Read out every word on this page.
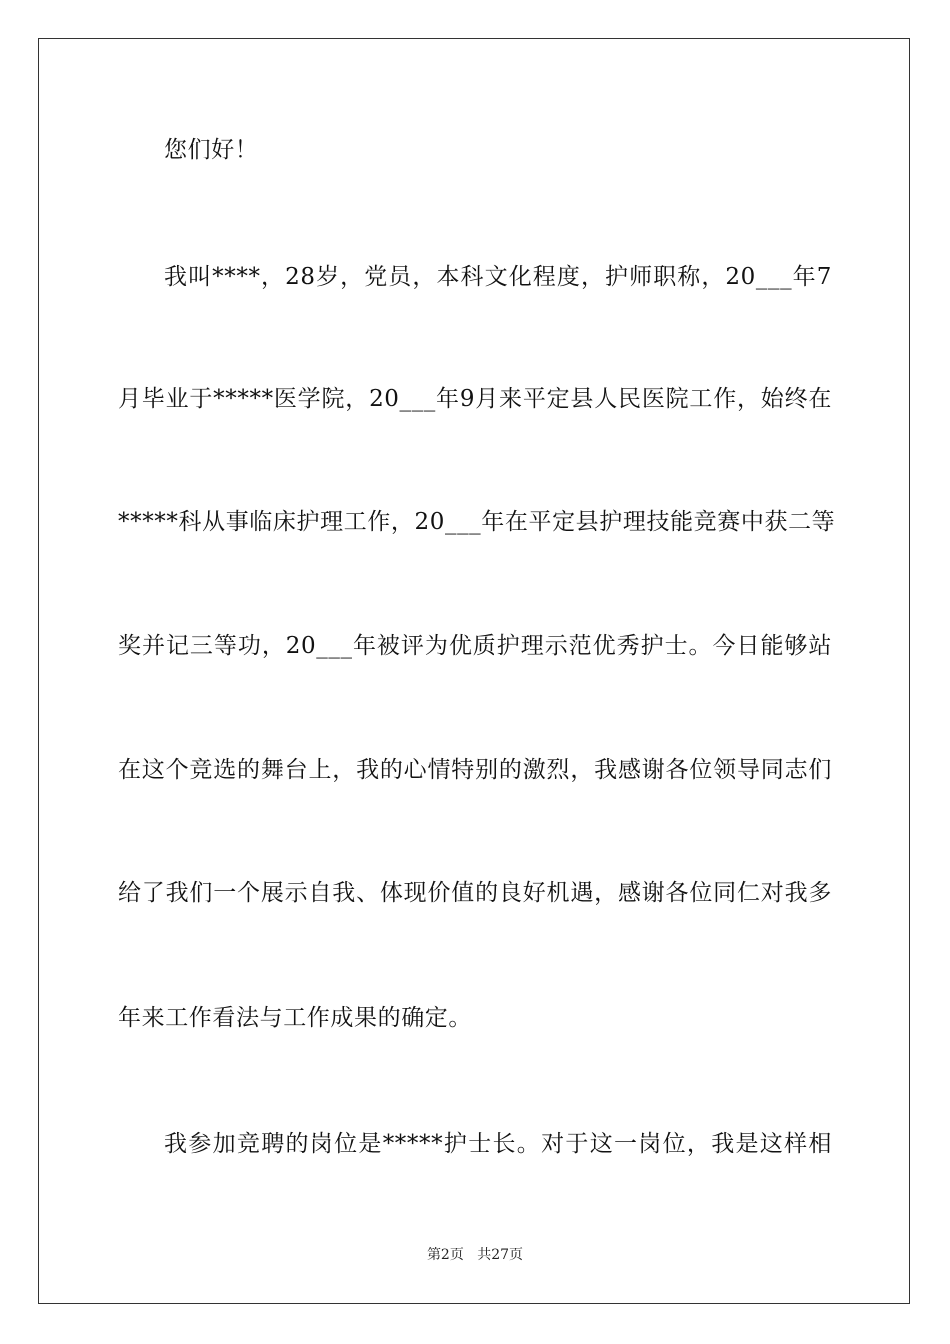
您们好！
我叫****，28岁，党员，本科文化程度，护师职称，20___年7
月毕业于*****医学院，20___年9月来平定县人民医院工作，始终在
*****科从事临床护理工作，20___年在平定县护理技能竞赛中获二等
奖并记三等功，20___年被评为优质护理示范优秀护士。今日能够站
在这个竞选的舞台上，我的心情特别的激烈，我感谢各位领导同志们
给了我们一个展示自我、体现价值的良好机遇，感谢各位同仁对我多
年来工作看法与工作成果的确定。
我参加竞聘的岗位是*****护士长。对于这一岗位，我是这样相
第2页 共27页
